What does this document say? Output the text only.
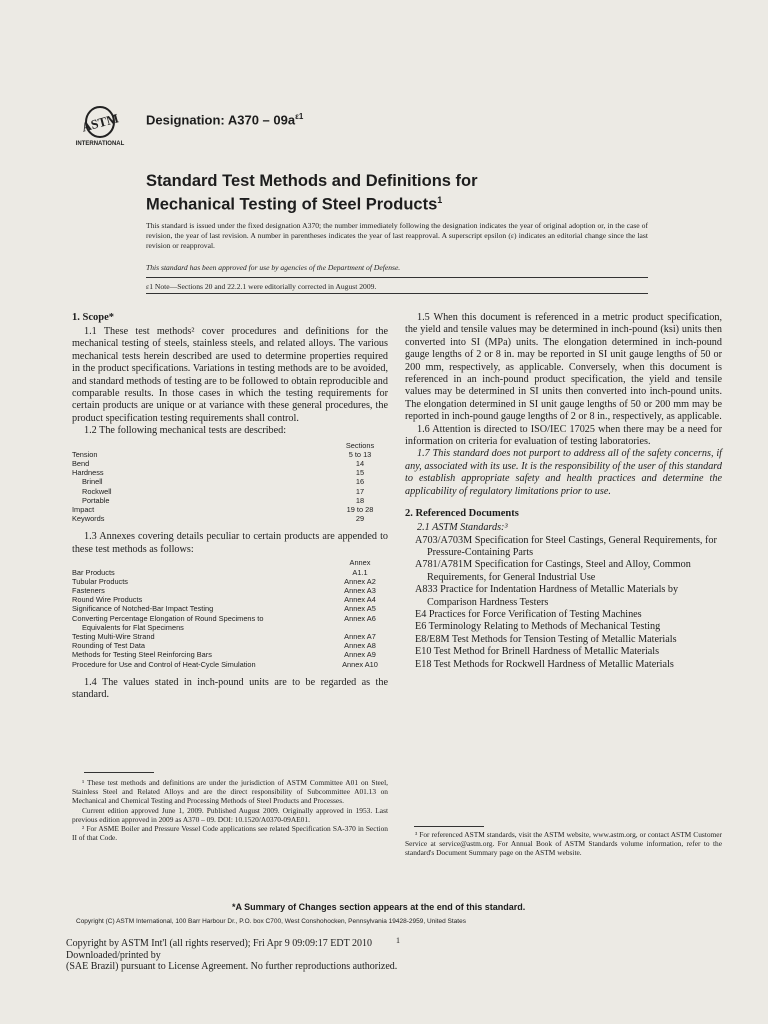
ASTM
INTERNATIONAL
Designation: $A370 - 09a^{\varepsilon 1}$
Standard Test Methods and Definitions for
Mechanical Testing of Steel Products$^1$
This standard is issued under the fixed designation A370; the number immediately following the designation indicates the year of original adoption or, in the case of revision, the year of last revision. A number in parentheses indicates the year of last reapproval. A superscript epsilon (ε) indicates an editorial change since the last revision or reapproval.
This standard has been approved for use by agencies of the Department of Defense.
ε1 Note—Sections 20 and 22.2.1 were editorially corrected in August 2009.
1. Scope*
1.1 These test methods² cover procedures and definitions for the mechanical testing of steels, stainless steels, and related alloys. The various mechanical tests herein described are used to determine properties required in the product specifications. Variations in testing methods are to be avoided, and standard methods of testing are to be followed to obtain reproducible and comparable results. In those cases in which the testing requirements for certain products are unique or at variance with these general procedures, the product specification testing requirements shall control.
1.2 The following mechanical tests are described:
Sections
Tension	5 to 13
Bend	14
Hardness	15
Brinell	16
Rockwell	17
Portable	18
Impact	19 to 28
Keywords	29
1.3 Annexes covering details peculiar to certain products are appended to these test methods as follows:
Annex
Bar Products	A1.1
Tubular Products	Annex A2
Fasteners	Annex A3
Round Wire Products	Annex A4
Significance of Notched-Bar Impact Testing	Annex A5
Converting Percentage Elongation of Round Specimens to	Annex A6
Equivalents for Flat Specimens
Testing Multi-Wire Strand	Annex A7
Rounding of Test Data	Annex A8
Methods for Testing Steel Reinforcing Bars	Annex A9
Procedure for Use and Control of Heat-Cycle Simulation	Annex A10
1.4 The values stated in inch-pound units are to be regarded as the standard.
¹ These test methods and definitions are under the jurisdiction of ASTM Committee A01 on Steel, Stainless Steel and Related Alloys and are the direct responsibility of Subcommittee A01.13 on Mechanical and Chemical Testing and Processing Methods of Steel Products and Processes.
Current edition approved June 1, 2009. Published August 2009. Originally approved in 1953. Last previous edition approved in 2009 as A370 – 09. DOI: 10.1520/A0370-09AE01.
² For ASME Boiler and Pressure Vessel Code applications see related Specification SA-370 in Section II of that Code.
1.5 When this document is referenced in a metric product specification, the yield and tensile values may be determined in inch-pound (ksi) units then converted into SI (MPa) units. The elongation determined in inch-pound gauge lengths of 2 or 8 in. may be reported in SI unit gauge lengths of 50 or 200 mm, respectively, as applicable. Conversely, when this document is referenced in an inch-pound product specification, the yield and tensile values may be determined in SI units then converted into inch-pound units. The elongation determined in SI unit gauge lengths of 50 or 200 mm may be reported in inch-pound gauge lengths of 2 or 8 in., respectively, as applicable.
1.6 Attention is directed to ISO/IEC 17025 when there may be a need for information on criteria for evaluation of testing laboratories.
1.7 This standard does not purport to address all of the safety concerns, if any, associated with its use. It is the responsibility of the user of this standard to establish appropriate safety and health practices and determine the applicability of regulatory limitations prior to use.
2. Referenced Documents
2.1 ASTM Standards:³
A703/A703M Specification for Steel Castings, General Requirements, for Pressure-Containing Parts
A781/A781M Specification for Castings, Steel and Alloy, Common Requirements, for General Industrial Use
A833 Practice for Indentation Hardness of Metallic Materials by Comparison Hardness Testers
E4 Practices for Force Verification of Testing Machines
E6 Terminology Relating to Methods of Mechanical Testing
E8/E8M Test Methods for Tension Testing of Metallic Materials
E10 Test Method for Brinell Hardness of Metallic Materials
E18 Test Methods for Rockwell Hardness of Metallic Materials
³ For referenced ASTM standards, visit the ASTM website, www.astm.org, or contact ASTM Customer Service at service@astm.org. For Annual Book of ASTM Standards volume information, refer to the standard's Document Summary page on the ASTM website.
*A Summary of Changes section appears at the end of this standard.
Copyright (C) ASTM International, 100 Barr Harbour Dr., P.O. box C700, West Conshohocken, Pennsylvania 19428-2959, United States
1
Copyright by ASTM Int'l (all rights reserved); Fri Apr 9 09:09:17 EDT 2010
Downloaded/printed by
(SAE Brazil) pursuant to License Agreement. No further reproductions authorized.
